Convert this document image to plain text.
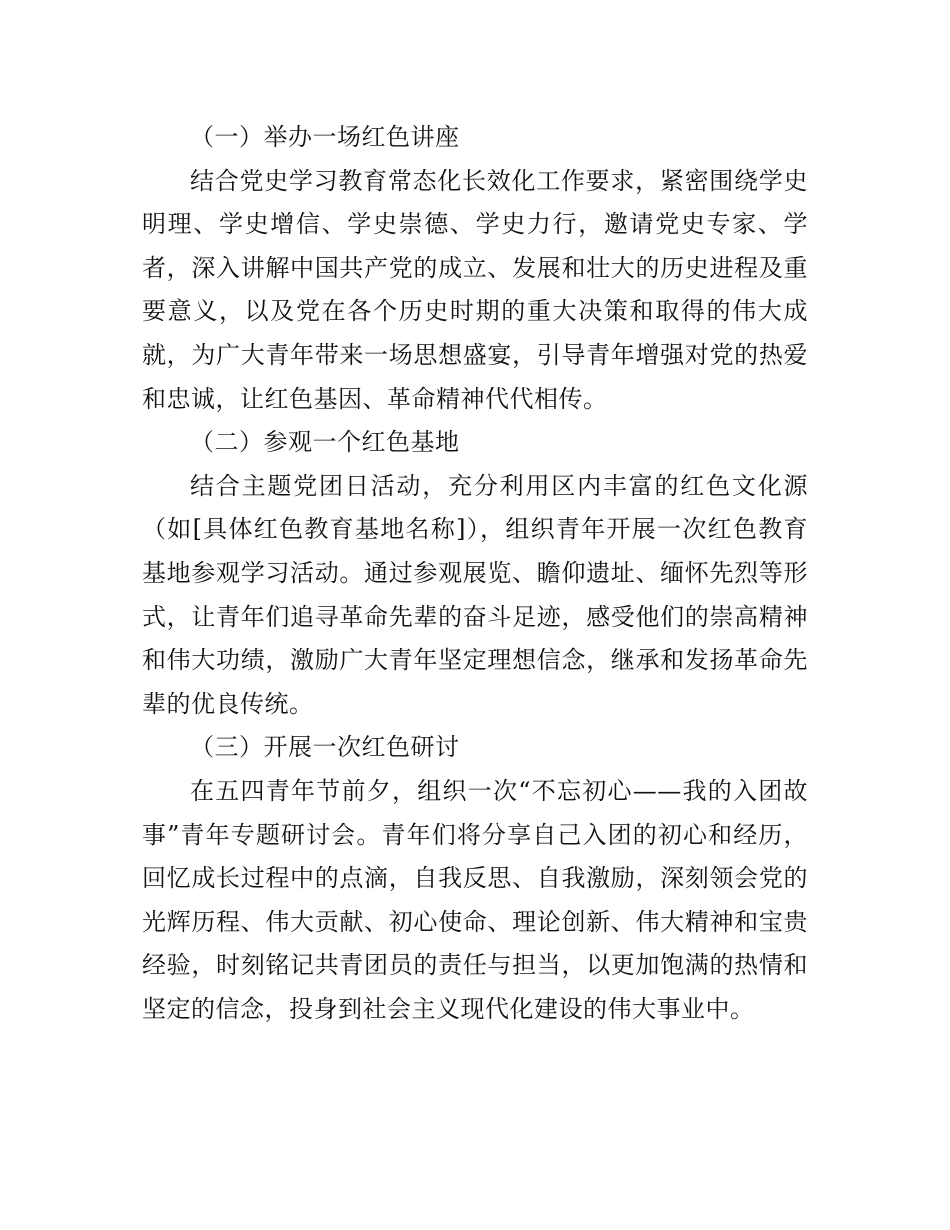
（一）举办一场红色讲座

结合党史学习教育常态化长效化工作要求，紧密围绕学史明理、学史增信、学史崇德、学史力行，邀请党史专家、学者，深入讲解中国共产党的成立、发展和壮大的历史进程及重要意义，以及党在各个历史时期的重大决策和取得的伟大成就，为广大青年带来一场思想盛宴，引导青年增强对党的热爱和忠诚，让红色基因、革命精神代代相传。

（二）参观一个红色基地

结合主题党团日活动，充分利用区内丰富的红色文化源（如[具体红色教育基地名称]），组织青年开展一次红色教育基地参观学习活动。通过参观展览、瞻仰遗址、缅怀先烈等形式，让青年们追寻革命先辈的奋斗足迹，感受他们的崇高精神和伟大功绩，激励广大青年坚定理想信念，继承和发扬革命先辈的优良传统。

（三）开展一次红色研讨

在五四青年节前夕，组织一次“不忘初心——我的入团故事”青年专题研讨会。青年们将分享自己入团的初心和经历，回忆成长过程中的点滴，自我反思、自我激励，深刻领会党的光辉历程、伟大贡献、初心使命、理论创新、伟大精神和宝贵经验，时刻铭记共青团员的责任与担当，以更加饱满的热情和坚定的信念，投身到社会主义现代化建设的伟大事业中。
